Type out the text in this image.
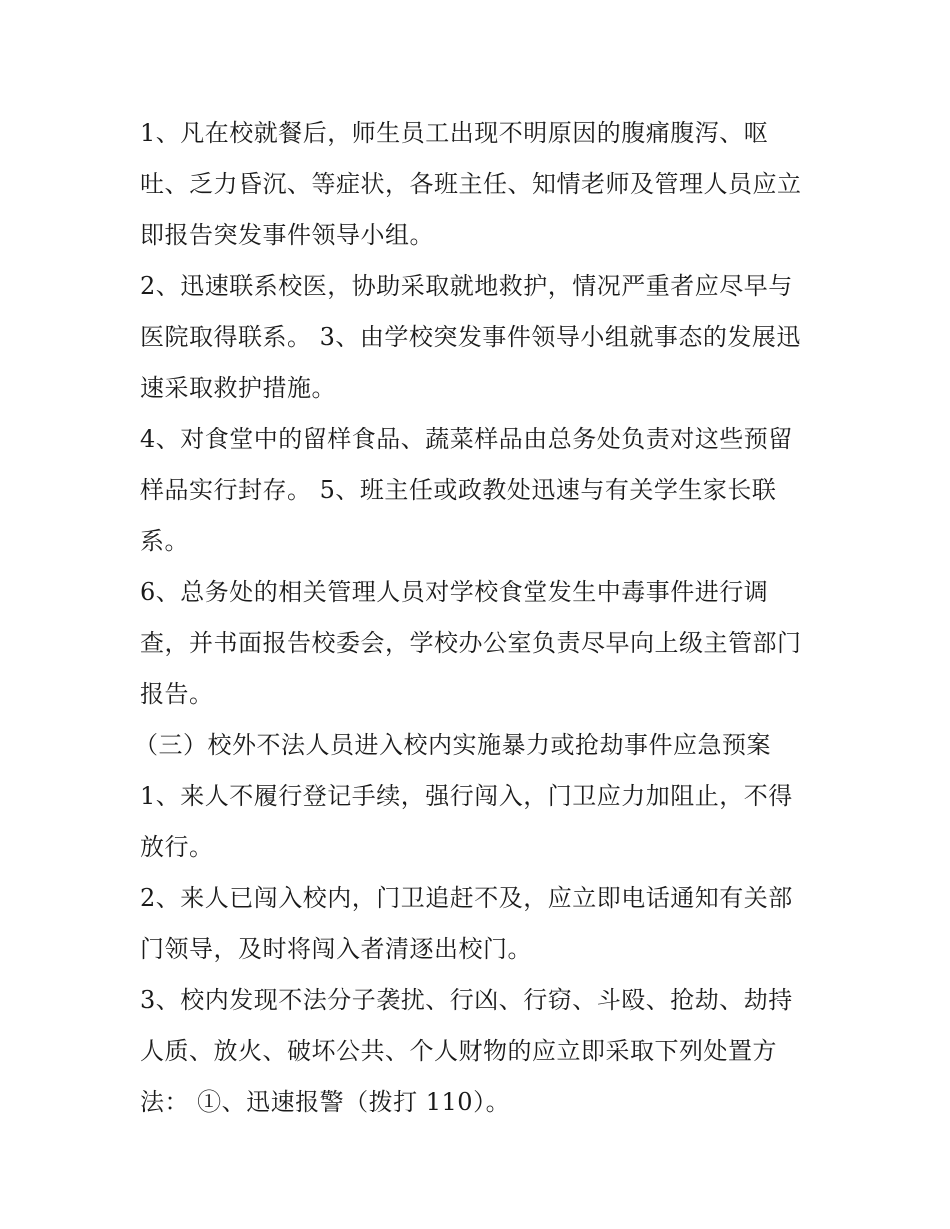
1、凡在校就餐后，师生员工出现不明原因的腹痛腹泻、呕
吐、乏力昏沉、等症状，各班主任、知情老师及管理人员应立
即报告突发事件领导小组。
2、迅速联系校医，协助采取就地救护，情况严重者应尽早与
医院取得联系。 3、由学校突发事件领导小组就事态的发展迅
速采取救护措施。
4、对食堂中的留样食品、蔬菜样品由总务处负责对这些预留
样品实行封存。 5、班主任或政教处迅速与有关学生家长联
系。
6、总务处的相关管理人员对学校食堂发生中毒事件进行调
查，并书面报告校委会，学校办公室负责尽早向上级主管部门
报告。
（三）校外不法人员进入校内实施暴力或抢劫事件应急预案
1、来人不履行登记手续，强行闯入，门卫应力加阻止，不得
放行。
2、来人已闯入校内，门卫追赶不及，应立即电话通知有关部
门领导，及时将闯入者清逐出校门。
3、校内发现不法分子袭扰、行凶、行窃、斗殴、抢劫、劫持
人质、放火、破坏公共、个人财物的应立即采取下列处置方
法： ①、迅速报警（拨打 110）。
